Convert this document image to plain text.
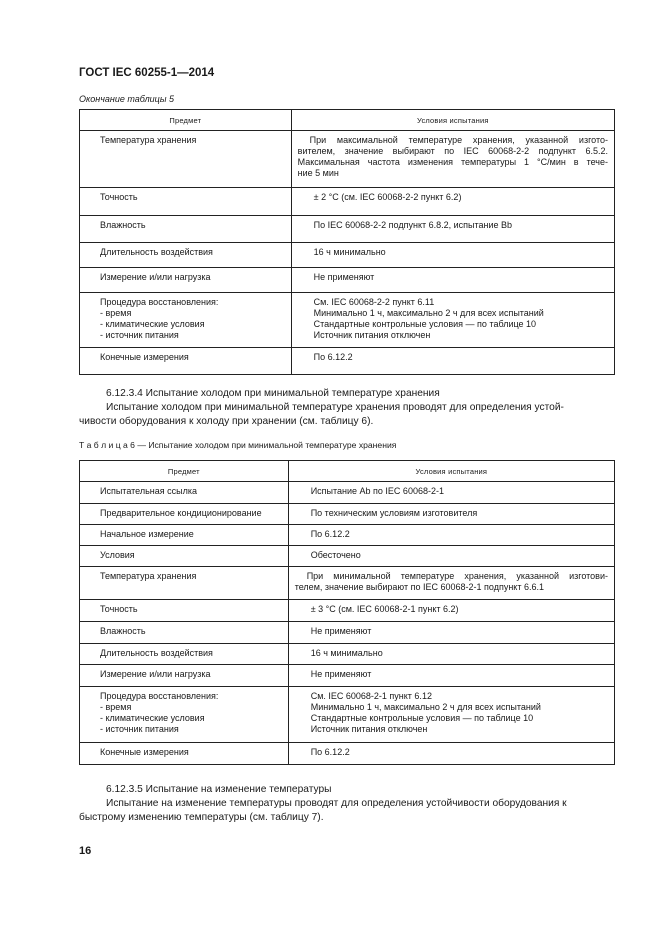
ГОСТ IEC 60255-1—2014
Окончание таблицы 5
Предмет	Условия испытания

Температура хранения	При максимальной температуре хранения, указанной изгото-
вителем, значение выбирают по IEC 60068-2-2 подпункт 6.5.2.
Максимальная частота изменения температуры 1 °С/мин в тече-
ние 5 мин

Точность	± 2 °С (см. IEC 60068-2-2 пункт 6.2)

Влажность	По IEC 60068-2-2 подпункт 6.8.2, испытание Bb

Длительность воздействия	16 ч минимально

Измерение и/или нагрузка	Не применяют

Процедура восстановления:
- время
- климатические условия
- источник питания	См. IEC 60068-2-2 пункт 6.11
Минимально 1 ч, максимально 2 ч для всех испытаний
Стандартные контрольные условия — по таблице 10
Источник питания отключен

Конечные измерения	По 6.12.2
6.12.3.4 Испытание холодом при минимальной температуре хранения
Испытание холодом при минимальной температуре хранения проводят для определения устой-
чивости оборудования к холоду при хранении (см. таблицу 6).
Т а б л и ц а 6 — Испытание холодом при минимальной температуре хранения
Предмет	Условия испытания

Испытательная ссылка	Испытание Ab по IEC 60068-2-1

Предварительное кондиционирование	По техническим условиям изготовителя

Начальное измерение	По 6.12.2

Условия	Обесточено

Температура хранения	При минимальной температуре хранения, указанной изготови-
телем, значение выбирают по IEC 60068-2-1 подпункт 6.6.1

Точность	± 3 °С (см. IEC 60068-2-1 пункт 6.2)

Влажность	Не применяют

Длительность воздействия	16 ч минимально

Измерение и/или нагрузка	Не применяют

Процедура восстановления:
- время
- климатические условия
- источник питания	См. IEC 60068-2-1 пункт 6.12
Минимально 1 ч, максимально 2 ч для всех испытаний
Стандартные контрольные условия — по таблице 10
Источник питания отключен

Конечные измерения	По 6.12.2
6.12.3.5 Испытание на изменение температуры
Испытание на изменение температуры проводят для определения устойчивости оборудования к
быстрому изменению температуры (см. таблицу 7).
16
